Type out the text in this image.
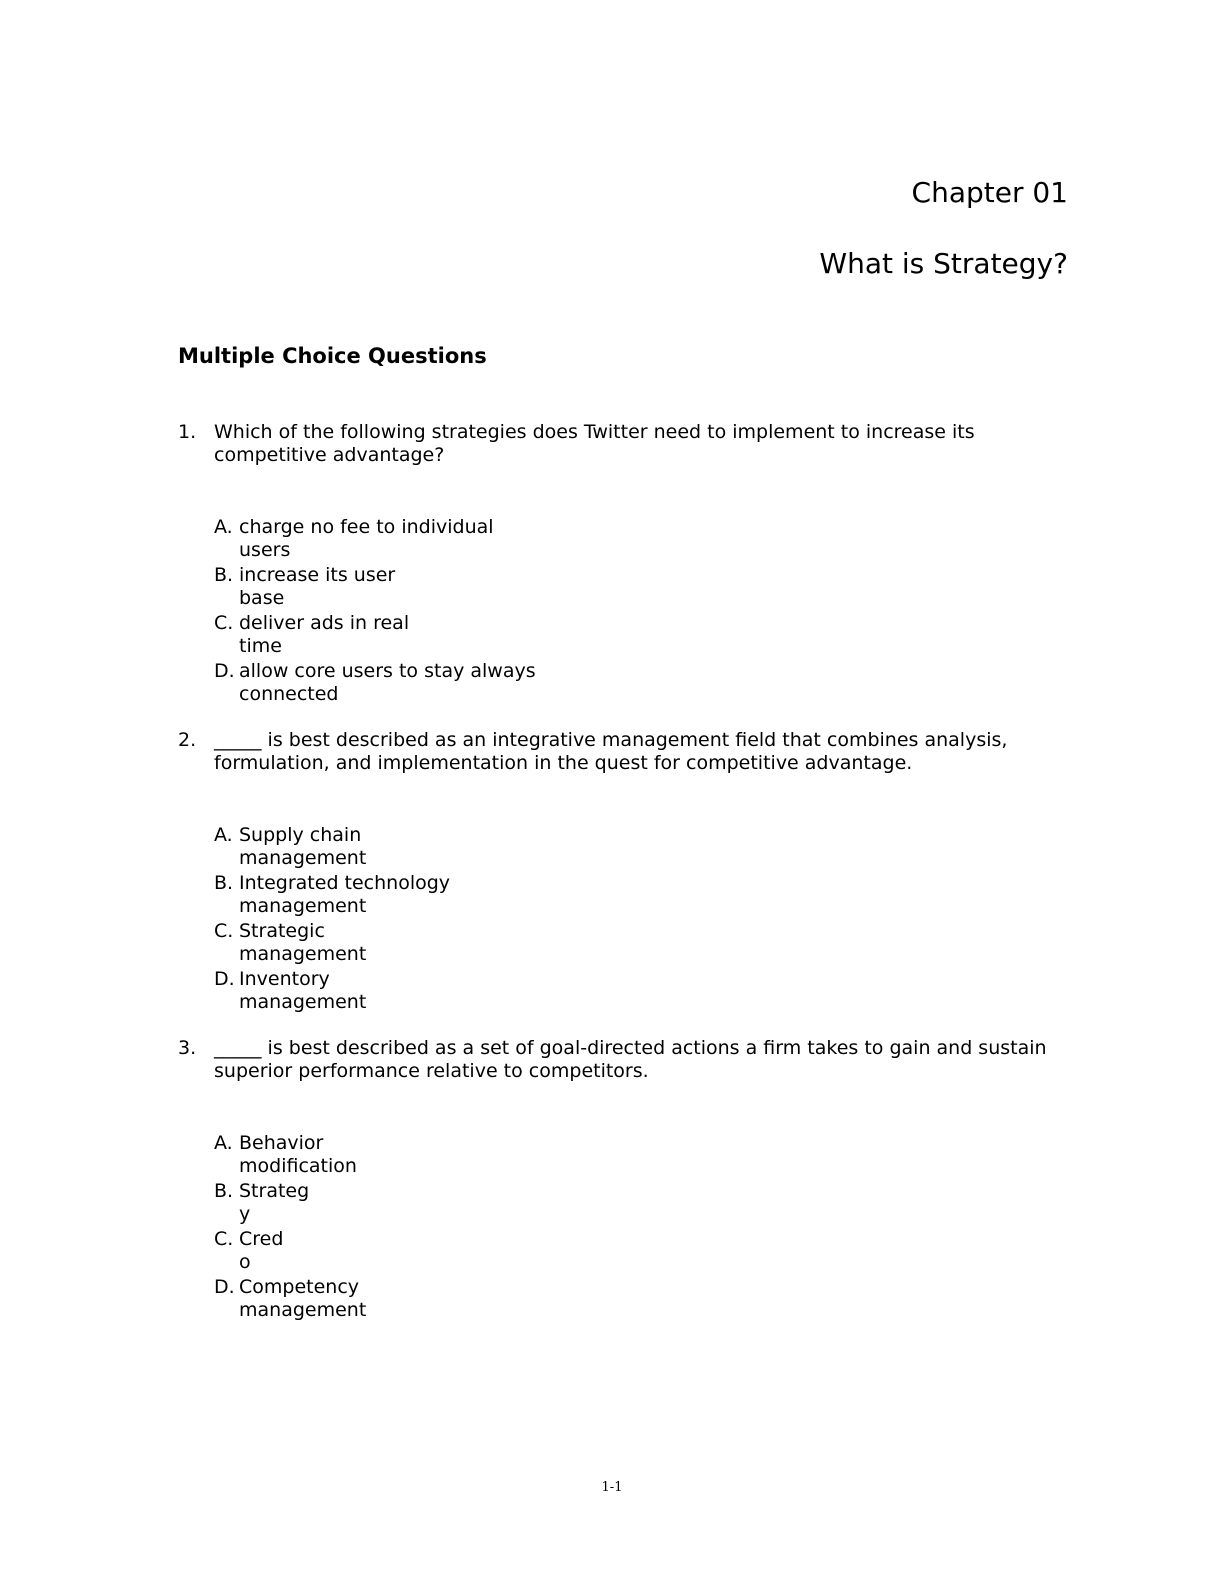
Chapter 01
What is Strategy?
Multiple Choice Questions
1. Which of the following strategies does Twitter need to implement to increase its competitive advantage?
A. charge no fee to individual
users
B. increase its user
base
C. deliver ads in real
time
D. allow core users to stay always
connected
2. _____ is best described as an integrative management field that combines analysis, formulation, and implementation in the quest for competitive advantage.
A. Supply chain
management
B. Integrated technology
management
C. Strategic
management
D. Inventory
management
3. _____ is best described as a set of goal-directed actions a firm takes to gain and sustain superior performance relative to competitors.
A. Behavior
modification
B. Strateg
y
C. Cred
o
D. Competency
management
1-1
